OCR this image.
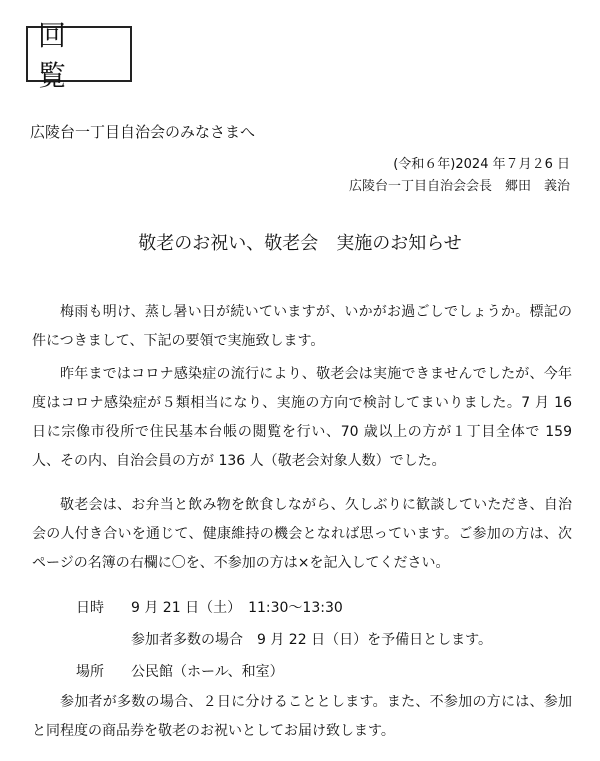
回 覧
広陵台一丁目自治会のみなさまへ
(令和６年)2024 年７月２6 日
広陵台一丁目自治会会長　郷田　義治
敬老のお祝い、敬老会　実施のお知らせ
梅雨も明け、蒸し暑い日が続いていますが、いかがお過ごしでしょうか。標記の件につきまして、下記の要領で実施致します。
昨年まではコロナ感染症の流行により、敬老会は実施できませんでしたが、今年度はコロナ感染症が５類相当になり、実施の方向で検討してまいりました。7 月 16 日に宗像市役所で住民基本台帳の閲覧を行い、70 歳以上の方が１丁目全体で 159 人、その内、自治会員の方が 136 人（敬老会対象人数）でした。
敬老会は、お弁当と飲み物を飲食しながら、久しぶりに歓談していただき、自治会の人付き合いを通じて、健康維持の機会となれば思っています。ご参加の方は、次ページの名簿の右欄に〇を、不参加の方は×を記入してください。
日時 9 月 21 日（土）　11:30～13:30
参加者多数の場合　9 月 22 日（日）を予備日とします。
場所 公民館（ホール、和室）
参加者が多数の場合、２日に分けることとします。また、不参加の方には、参加と同程度の商品券を敬老のお祝いとしてお届け致します。
